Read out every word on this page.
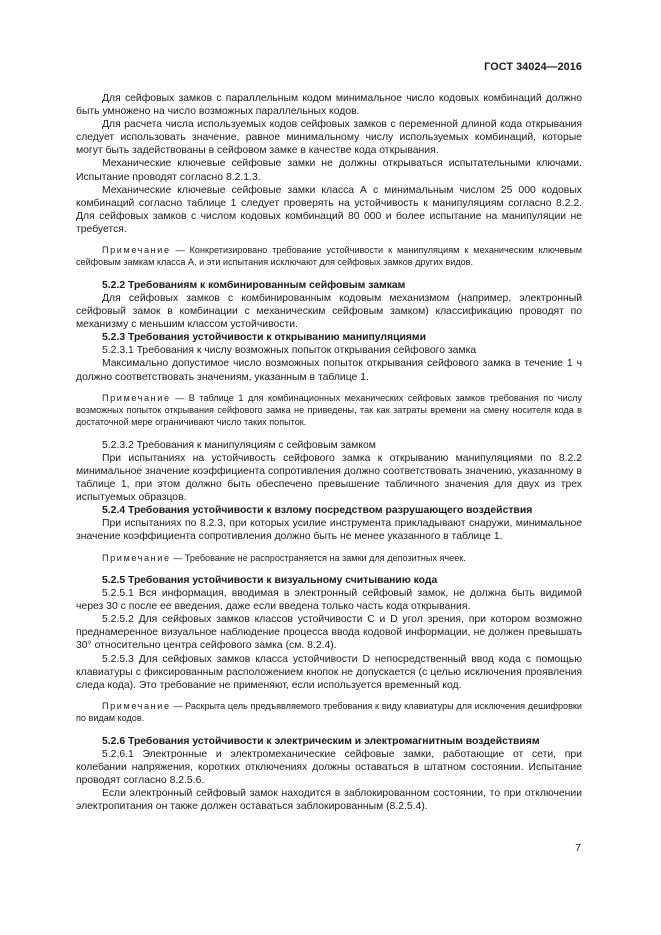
ГОСТ 34024—2016

Для сейфовых замков с параллельным кодом минимальное число кодовых комбинаций должно быть умножено на число возможных параллельных кодов.

Для расчета числа используемых кодов сейфовых замков с переменной длиной кода открывания следует использовать значение, равное минимальному числу используемых комбинаций, которые могут быть задействованы в сейфовом замке в качестве кода открывания.

Механические ключевые сейфовые замки не должны открываться испытательными ключами. Испытание проводят согласно 8.2.1.3.

Механические ключевые сейфовые замки класса А с минимальным числом 25 000 кодовых комбинаций согласно таблице 1 следует проверять на устойчивость к манипуляциям согласно 8.2.2. Для сейфовых замков с числом кодовых комбинаций 80 000 и более испытание на манипуляции не требуется.

Примечание — Конкретизировано требование устойчивости к манипуляциям к механическим ключевым сейфовым замкам класса А, и эти испытания исключают для сейфовых замков других видов.

5.2.2 Требованиям к комбинированным сейфовым замкам

Для сейфовых замков с комбинированным кодовым механизмом (например, электронный сейфовый замок в комбинации с механическим сейфовым замком) классификацию проводят по механизму с меньшим классом устойчивости.

5.2.3 Требования устойчивости к открыванию манипуляциями

5.2.3.1 Требования к числу возможных попыток открывания сейфового замка

Максимально допустимое число возможных попыток открывания сейфового замка в течение 1 ч должно соответствовать значениям, указанным в таблице 1.

Примечание — В таблице 1 для комбинационных механических сейфовых замков требования по числу возможных попыток открывания сейфового замка не приведены, так как затраты времени на смену носителя кода в достаточной мере ограничивают число таких попыток.

5.2.3.2 Требования к манипуляциям с сейфовым замком

При испытаниях на устойчивость сейфового замка к открыванию манипуляциями по 8.2.2 минимальное значение коэффициента сопротивления должно соответствовать значению, указанному в таблице 1, при этом должно быть обеспечено превышение табличного значения для двух из трех испытуемых образцов.

5.2.4 Требования устойчивости к взлому посредством разрушающего воздействия

При испытаниях по 8.2.3, при которых усилие инструмента прикладывают снаружи, минимальное значение коэффициента сопротивления должно быть не менее указанного в таблице 1.

Примечание — Требование не распространяется на замки для депозитных ячеек.

5.2.5 Требования устойчивости к визуальному считыванию кода

5.2.5.1 Вся информация, вводимая в электронный сейфовый замок, не должна быть видимой через 30 с после ее введения, даже если введена только часть кода открывания.

5.2.5.2 Для сейфовых замков классов устойчивости С и D угол зрения, при котором возможно преднамеренное визуальное наблюдение процесса ввода кодовой информации, не должен превышать 30° относительно центра сейфового замка (см. 8.2.4).

5.2.5.3 Для сейфовых замков класса устойчивости D непосредственный ввод кода с помощью клавиатуры с фиксированным расположением кнопок не допускается (с целью исключения проявления следа кода). Это требование не применяют, если используется временный код.

Примечание — Раскрыта цель предъявляемого требования к виду клавиатуры для исключения дешифровки по видам кодов.

5.2.6 Требования устойчивости к электрическим и электромагнитным воздействиям

5.2.6.1 Электронные и электромеханические сейфовые замки, работающие от сети, при колебании напряжения, коротких отключениях должны оставаться в штатном состоянии. Испытание проводят согласно 8.2.5.6.

Если электронный сейфовый замок находится в заблокированном состоянии, то при отключении электропитания он также должен оставаться заблокированным (8.2.5.4).

7
